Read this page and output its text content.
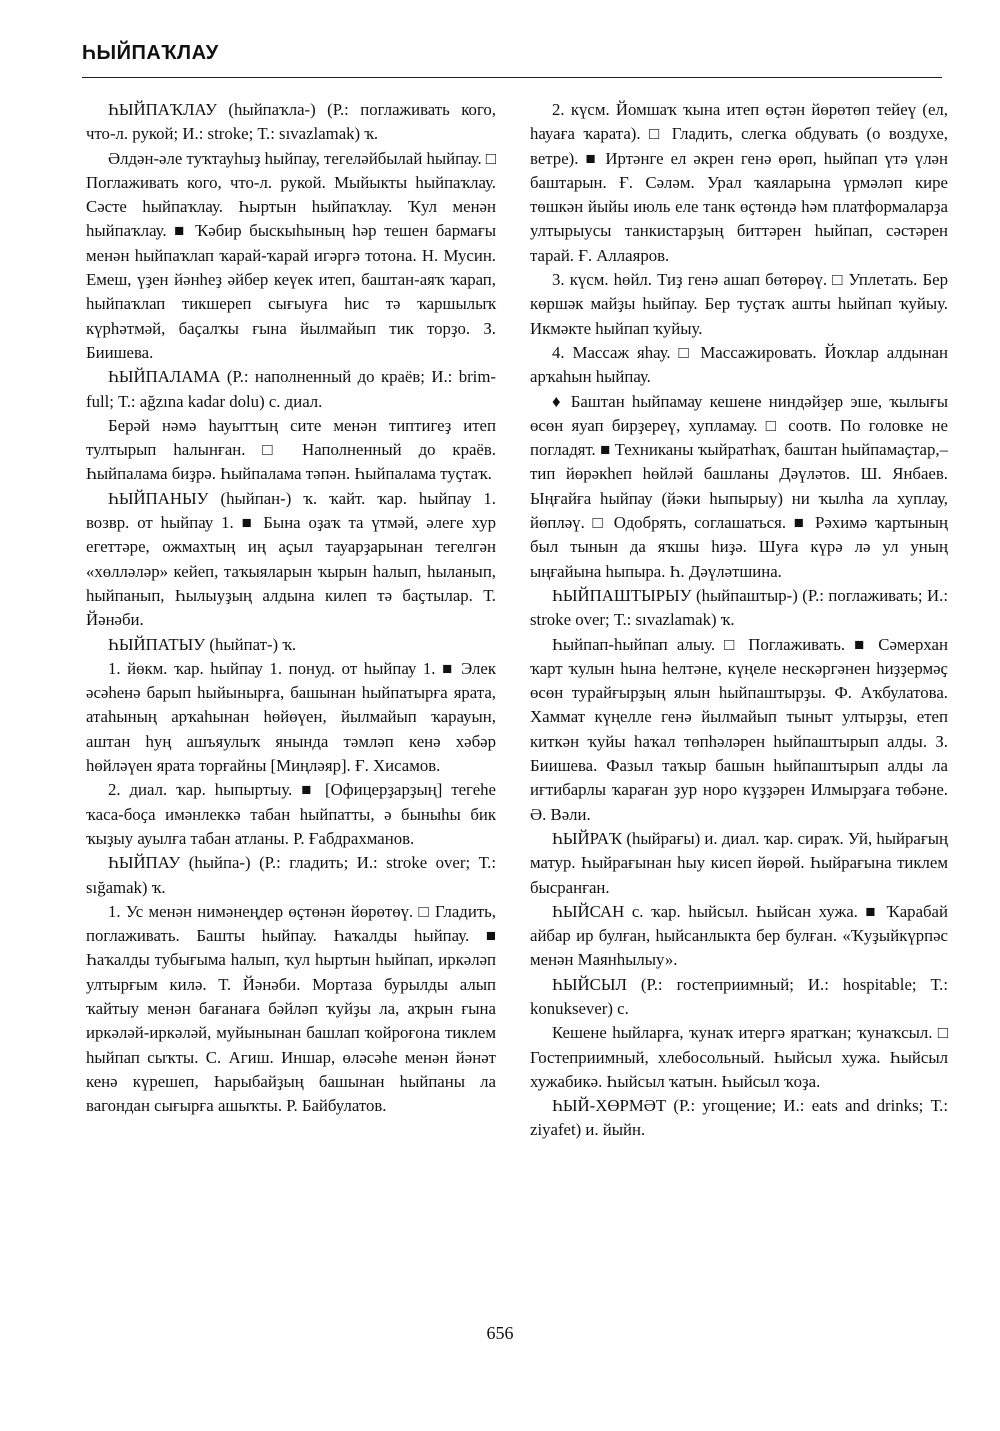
ҺЫЙПАҠЛАУ

ҺЫЙПАҠЛАУ (һыйпаҡла-) (Р.: поглаживать кого, что-л. рукой; И.: stroke; Т.: sıvazlamak) ҡ.

Әлдән-әле туҡтауһыҙ һыйпау, тегеләйбылай һыйпау. □ Поглаживать кого, что-л. рукой. Мыйыкты һыйпаҡлау. Сәсте һыйпаҡлау. Һыртын һыйпаҡлау. Ҡул менән һыйпаҡлау. ■ Ҡәбир быскыһының һәр тешен бармағы менән һыйпаҡлап ҡарай-ҡарай игәргә тотона. Н. Мусин. Емеш, үҙен йәнһеҙ әйбер кеүек итеп, баштан-аяҡ ҡарап, һыйпаҡлап тикшереп сығыуға һис тә ҡаршылыҡ күрһәтмәй, баҫалҡы ғына йылмайып тик торҙо. З. Биишева.

ҺЫЙПАЛАМА (Р.: наполненный до краёв; И.: brim-full; Т.: ağzına kadar dolu) с. диал.

Берәй нәмә һауыттың сите менән типтигеҙ итеп тултырып һалынған. □ Наполненный до краёв. Һыйпалама биҙрә. Һыйпалама тәпән. Һыйпалама туҫтаҡ.

ҺЫЙПАНЫУ (һыйпан-) ҡ. ҡайт. ҡар. һыйпау 1. возвр. от һыйпау 1. ■ Бына оҙаҡ та үтмәй, әлеге хур егеттәре, ожмахтың иң аҫыл тауарҙарынан тегелгән «хөлләләр» кейеп, таҡыяларын ҡырын һалып, һыланып, һыйпанып, Һылыуҙың алдына килеп тә баҫтылар. Т. Йәнәби.

ҺЫЙПАТЫУ (һыйпат-) ҡ.

1. йөкм. ҡар. һыйпау 1. понуд. от һыйпау 1. ■ Элек әсәһенә барып һыйынырға, башынан һыйпатырға ярата, атаһының арҡаһынан һөйөүен, йылмайып ҡарауын, аштан һуң ашъяулыҡ янында тәмләп кенә хәбәр һөйләүен ярата торғайны [Миңләяр]. Ғ. Хисамов.

2. диал. ҡар. һыпыртыу. ■ [Офицерҙарҙың] тегеһе ҡаса-боҫа имәнлеккә табан һыйпатты, ә быныһы бик ҡыҙыу ауылға табан атланы. Р. Ғабдрахманов.

ҺЫЙПАУ (һыйпа-) (Р.: гладить; И.: stroke over; Т.: sığamak) ҡ.

1. Ус менән нимәнеңдер өҫтөнән йөрөтөү. □ Гладить, поглаживать. Башты һыйпау. Һаҡалды һыйпау. ■ Һаҡалды тубығыма һалып, ҡул һыртын һыйпап, иркәләп ултырғым килә. Т. Йәнәби. Мортаза бурылды алып ҡайтыу менән бағанаға бәйләп ҡуйҙы ла, аҡрын ғына иркәләй-иркәләй, муйынынан башлап ҡойроғона тиклем һыйпап сыҡты. С. Агиш. Иншар, өләсәһе менән йәнәт кенә күрешеп, Һарыбайҙың башынан һыйпаны ла вагондан сығырға ашыҡты. Р. Байбулатов.

2. күсм. Йомшаҡ ҡына итеп өҫтән йөрөтөп тейеү (ел, һауаға ҡарата). □ Гладить, слегка обдувать (о воздухе, ветре). ■ Иртәнге ел әкрен генә өрөп, һыйпап үтә үлән баштарын. Ғ. Сәләм. Урал ҡаяларына үрмәләп кире төшкән йыйы июль еле танк өҫтөндә һәм платформаларҙа ултырыусы танкистарҙың биттәрен һыйпап, сәстәрен тарай. Ғ. Аллаяров.

3. күсм. һөйл. Тиҙ генә ашап бөтөрөү. □ Уплетать. Бер көршәк майҙы һыйпау. Бер туҫтаҡ ашты һыйпап ҡуйыу. Икмәкте һыйпап ҡуйыу.

4. Массаж яһау. □ Массажировать. Йоҡлар алдынан арҡаһын һыйпау.

♦ Баштан һыйпамау кешене ниндәйҙер эше, ҡылығы өсөн яуап бирҙереү, хупламау. □ соотв. По головке не погладят. ■ Техниканы ҡыйратһаҡ, баштан һыйпамаҫтар,– тип йөрәкһеп һөйләй башланы Дәүләтов. Ш. Янбаев. Ыңғайға һыйпау (йәки һыпырыу) ни ҡылһа ла хуплау, йөпләү. □ Одобрять, соглашаться. ■ Рәхимә ҡартының был тынын да яҡшы һиҙә. Шуға күрә лә ул уның ыңғайына һыпыра. Һ. Дәүләтшина.

ҺЫЙПАШТЫРЫУ (һыйпаштыр-) (Р.: поглаживать; И.: stroke over; Т.: sıvazlamak) ҡ.

Һыйпап-һыйпап алыу. □ Поглаживать. ■ Сәмерхан ҡарт ҡулын һына һелтәне, күңеле нескәргәнен һиҙҙермәҫ өсөн турайғырҙың ялын һыйпаштырҙы. Ф. Аҡбулатова. Хаммат күңелле генә йылмайып тыныт ултырҙы, етеп киткән ҡуйы һаҡал төпһәләрен һыйпаштырып алды. З. Биишева. Фазыл таҡыр башын һыйпаштырып алды ла иғтибарлы ҡараған ҙур норо күҙҙәрен Илмырҙаға төбәне. Ә. Вәли.

ҺЫЙРАҠ (һыйрағы) и. диал. ҡар. сираҡ. Уй, һыйрағың матур. Һыйрағынан һыу кисеп йөрөй. Һыйрағына тиклем бысранған.

ҺЫЙСАН с. ҡар. һыйсыл. Һыйсан хужа. ■ Ҡарабай айбар ир булған, һыйсанлыкта бер булған. «Ҡуҙыйкүрпәс менән Маянһылыу».

ҺЫЙСЫЛ (Р.: гостеприимный; И.: hospitable; Т.: konuksever) с.

Кешене һыйларға, ҡунаҡ итергә яратҡан; ҡунаҡсыл. □ Гостеприимный, хлебосольный. Һыйсыл хужа. Һыйсыл хужабикә. Һыйсыл ҡатын. Һыйсыл ҡоҙа.

ҺЫЙ-ХӨРМӘТ (Р.: угощение; И.: eats and drinks; Т.: ziyafet) и. йыйн.

656
